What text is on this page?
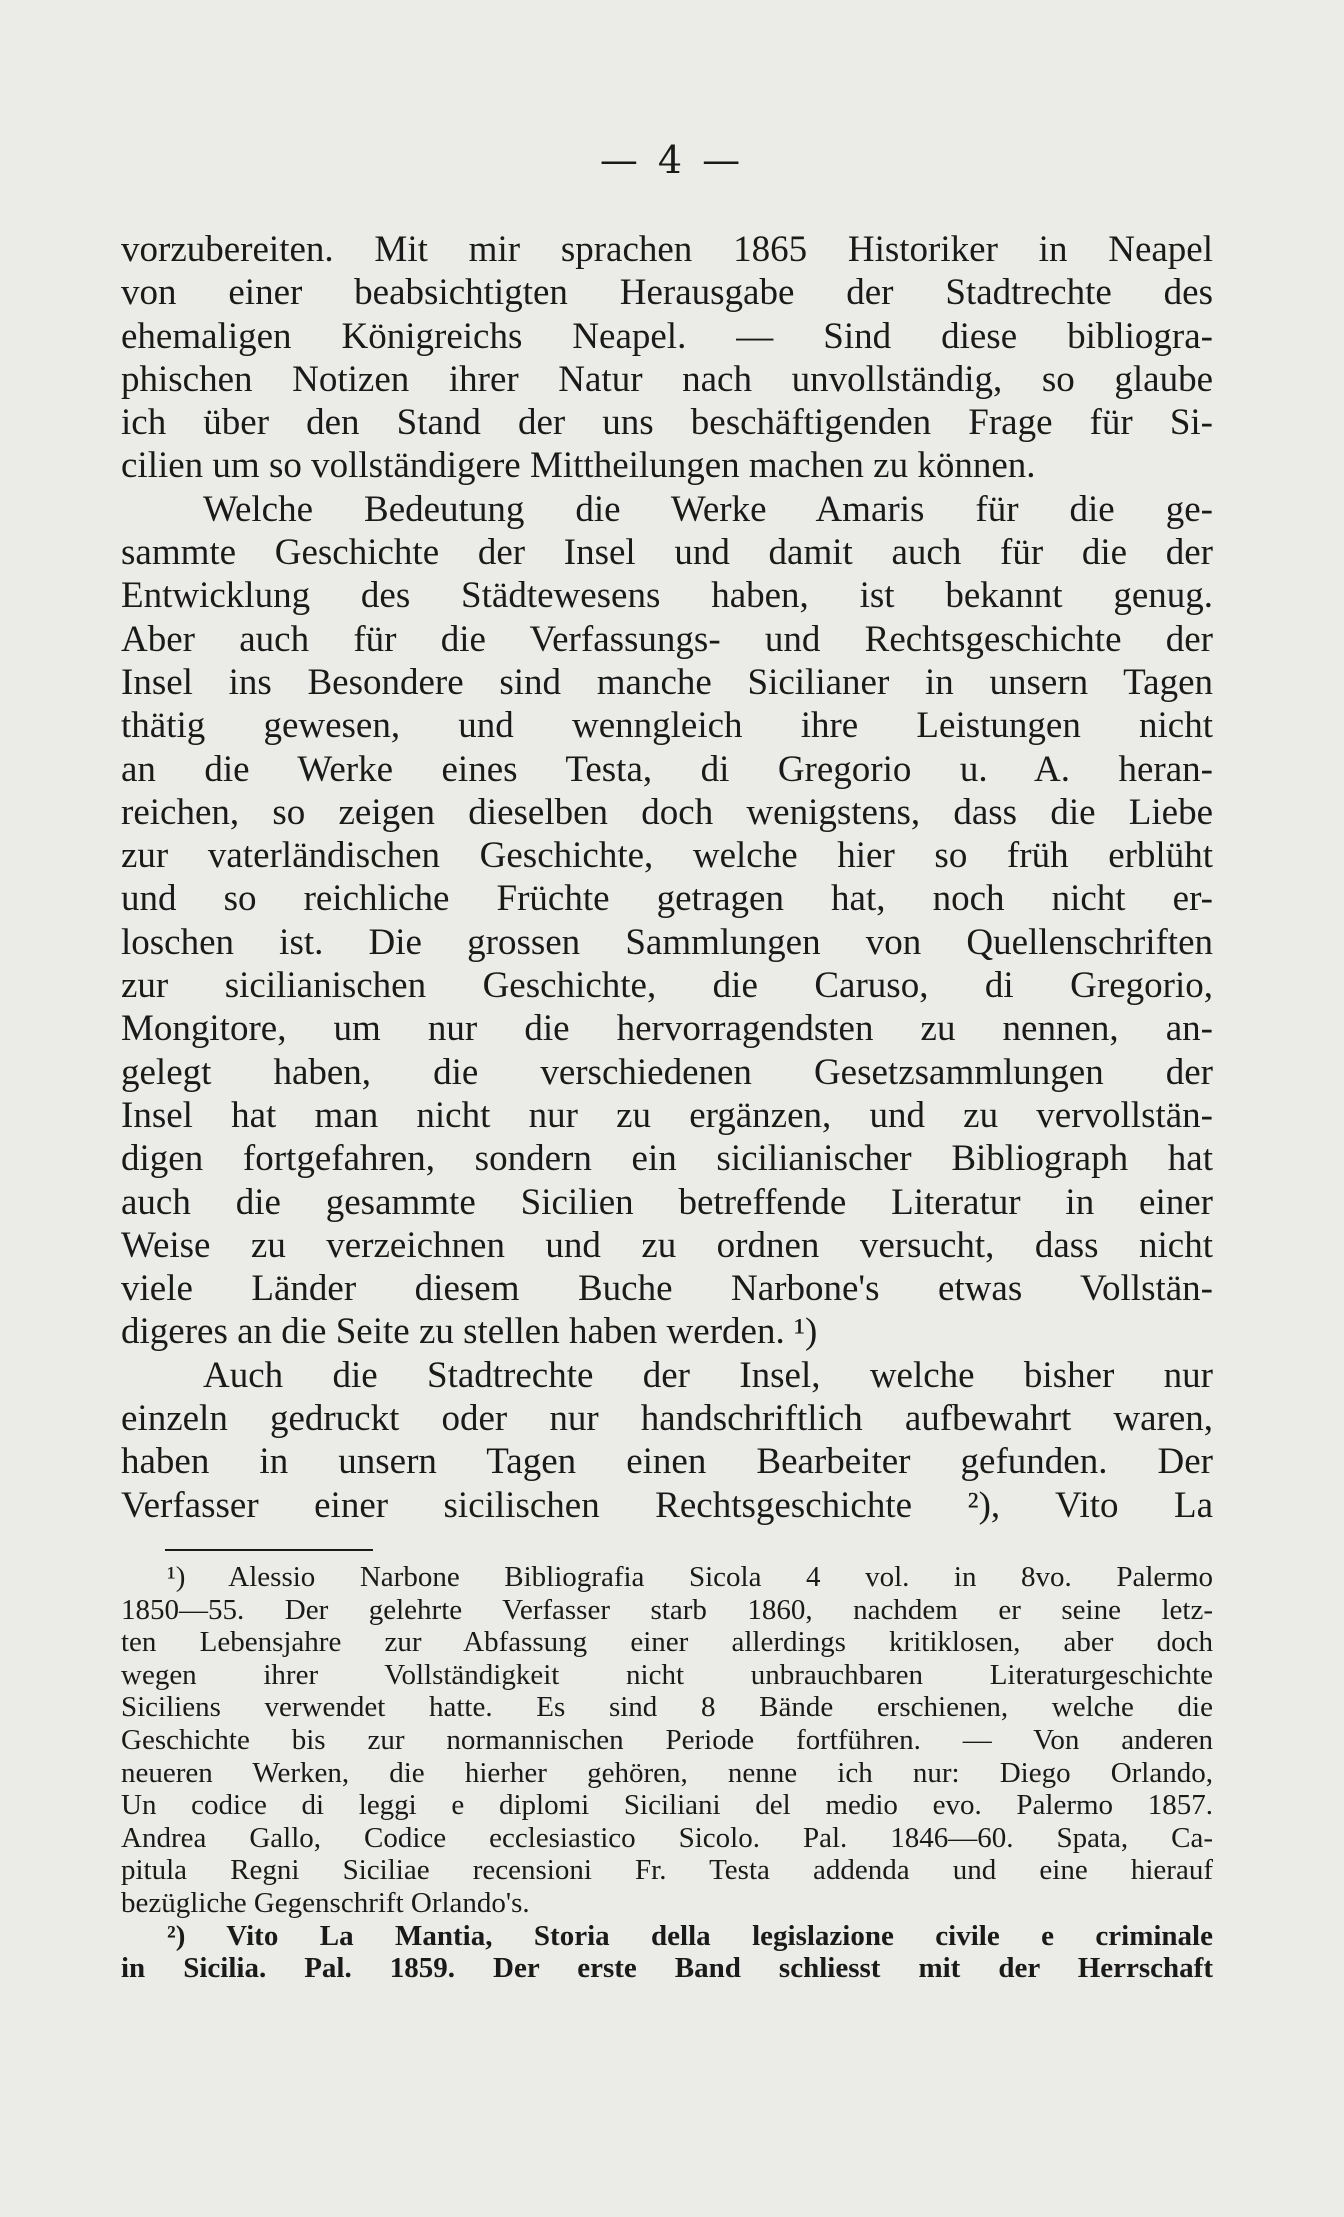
— 4 —
vorzubereiten. Mit mir sprachen 1865 Historiker in Neapel
von einer beabsichtigten Herausgabe der Stadtrechte des
ehemaligen Königreichs Neapel. — Sind diese bibliogra-
phischen Notizen ihrer Natur nach unvollständig, so glaube
ich über den Stand der uns beschäftigenden Frage für Si-
cilien um so vollständigere Mittheilungen machen zu können.
Welche Bedeutung die Werke Amaris für die ge-
sammte Geschichte der Insel und damit auch für die der
Entwicklung des Städtewesens haben, ist bekannt genug.
Aber auch für die Verfassungs- und Rechtsgeschichte der
Insel ins Besondere sind manche Sicilianer in unsern Tagen
thätig gewesen, und wenngleich ihre Leistungen nicht
an die Werke eines Testa, di Gregorio u. A. heran-
reichen, so zeigen dieselben doch wenigstens, dass die Liebe
zur vaterländischen Geschichte, welche hier so früh erblüht
und so reichliche Früchte getragen hat, noch nicht er-
loschen ist. Die grossen Sammlungen von Quellenschriften
zur sicilianischen Geschichte, die Caruso, di Gregorio,
Mongitore, um nur die hervorragendsten zu nennen, an-
gelegt haben, die verschiedenen Gesetzsammlungen der
Insel hat man nicht nur zu ergänzen, und zu vervollstän-
digen fortgefahren, sondern ein sicilianischer Bibliograph hat
auch die gesammte Sicilien betreffende Literatur in einer
Weise zu verzeichnen und zu ordnen versucht, dass nicht
viele Länder diesem Buche Narbone's etwas Vollstän-
digeres an die Seite zu stellen haben werden. ¹)
Auch die Stadtrechte der Insel, welche bisher nur
einzeln gedruckt oder nur handschriftlich aufbewahrt waren,
haben in unsern Tagen einen Bearbeiter gefunden. Der
Verfasser einer sicilischen Rechtsgeschichte ²), Vito La
¹) Alessio Narbone Bibliografia Sicola 4 vol. in 8vo. Palermo
1850—55. Der gelehrte Verfasser starb 1860, nachdem er seine letz-
ten Lebensjahre zur Abfassung einer allerdings kritiklosen, aber doch
wegen ihrer Vollständigkeit nicht unbrauchbaren Literaturgeschichte
Siciliens verwendet hatte. Es sind 8 Bände erschienen, welche die
Geschichte bis zur normannischen Periode fortführen. — Von anderen
neueren Werken, die hierher gehören, nenne ich nur: Diego Orlando,
Un codice di leggi e diplomi Siciliani del medio evo. Palermo 1857.
Andrea Gallo, Codice ecclesiastico Sicolo. Pal. 1846—60. Spata, Ca-
pitula Regni Siciliae recensioni Fr. Testa addenda und eine hierauf
bezügliche Gegenschrift Orlando's.
²) Vito La Mantia, Storia della legislazione civile e criminale
in Sicilia. Pal. 1859. Der erste Band schliesst mit der Herrschaft
